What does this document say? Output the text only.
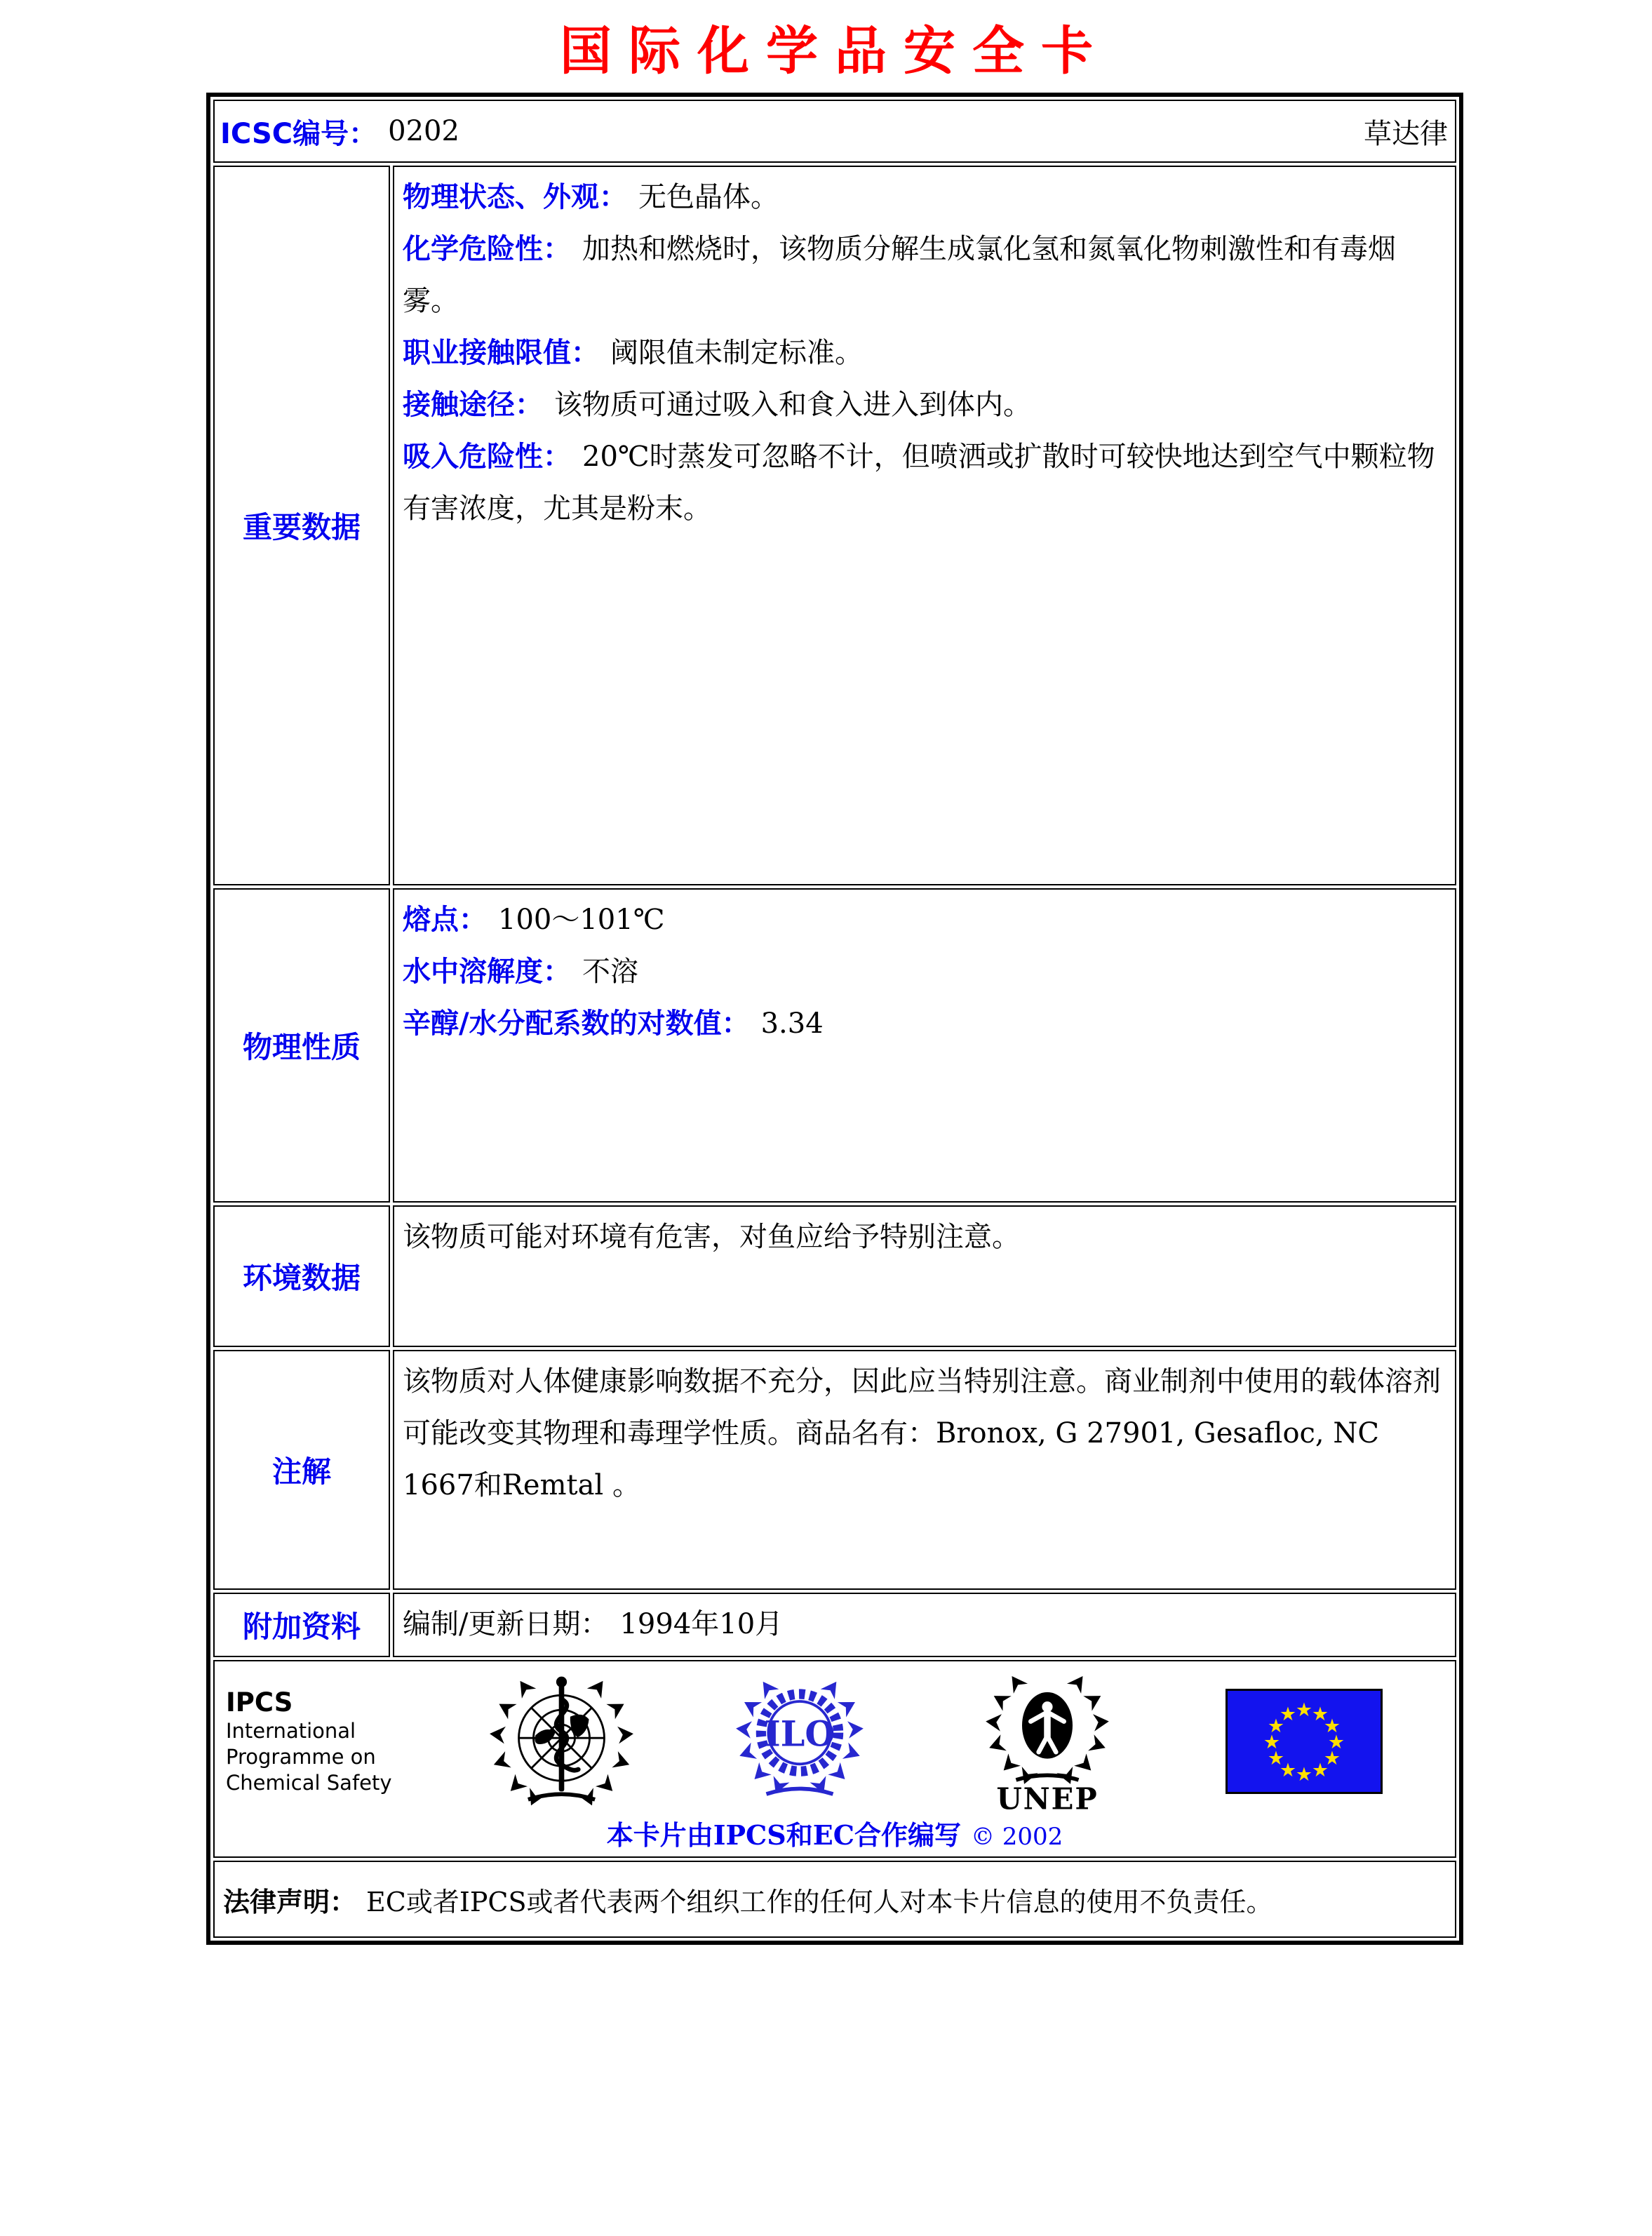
国际化学品安全卡
ICSC编号： 0202	草达律
重要数据
物理状态、外观： 无色晶体。
化学危险性： 加热和燃烧时，该物质分解生成氯化氢和氮氧化物刺激性和有毒烟雾。
职业接触限值： 阈限值未制定标准。
接触途径： 该物质可通过吸入和食入进入到体内。
吸入危险性： 20℃时蒸发可忽略不计，但喷洒或扩散时可较快地达到空气中颗粒物有害浓度，尤其是粉末。
物理性质
熔点： 100～101℃
水中溶解度： 不溶
辛醇/水分配系数的对数值： 3.34
环境数据
该物质可能对环境有危害，对鱼应给予特别注意。
注解
该物质对人体健康影响数据不充分，因此应当特别注意。商业制剂中使用的载体溶剂可能改变其物理和毒理学性质。商品名有：Bronox, G 27901, Gesafloc, NC 1667和Remtal 。
附加资料	编制/更新日期： 1994年10月
IPCS
International
Programme on
Chemical Safety
ILO
UNEP
★
★
★
★
★
★
★
★
★
★
★
★
本卡片由IPCS和EC合作编写 © 2002
法律声明： EC或者IPCS或者代表两个组织工作的任何人对本卡片信息的使用不负责任。
